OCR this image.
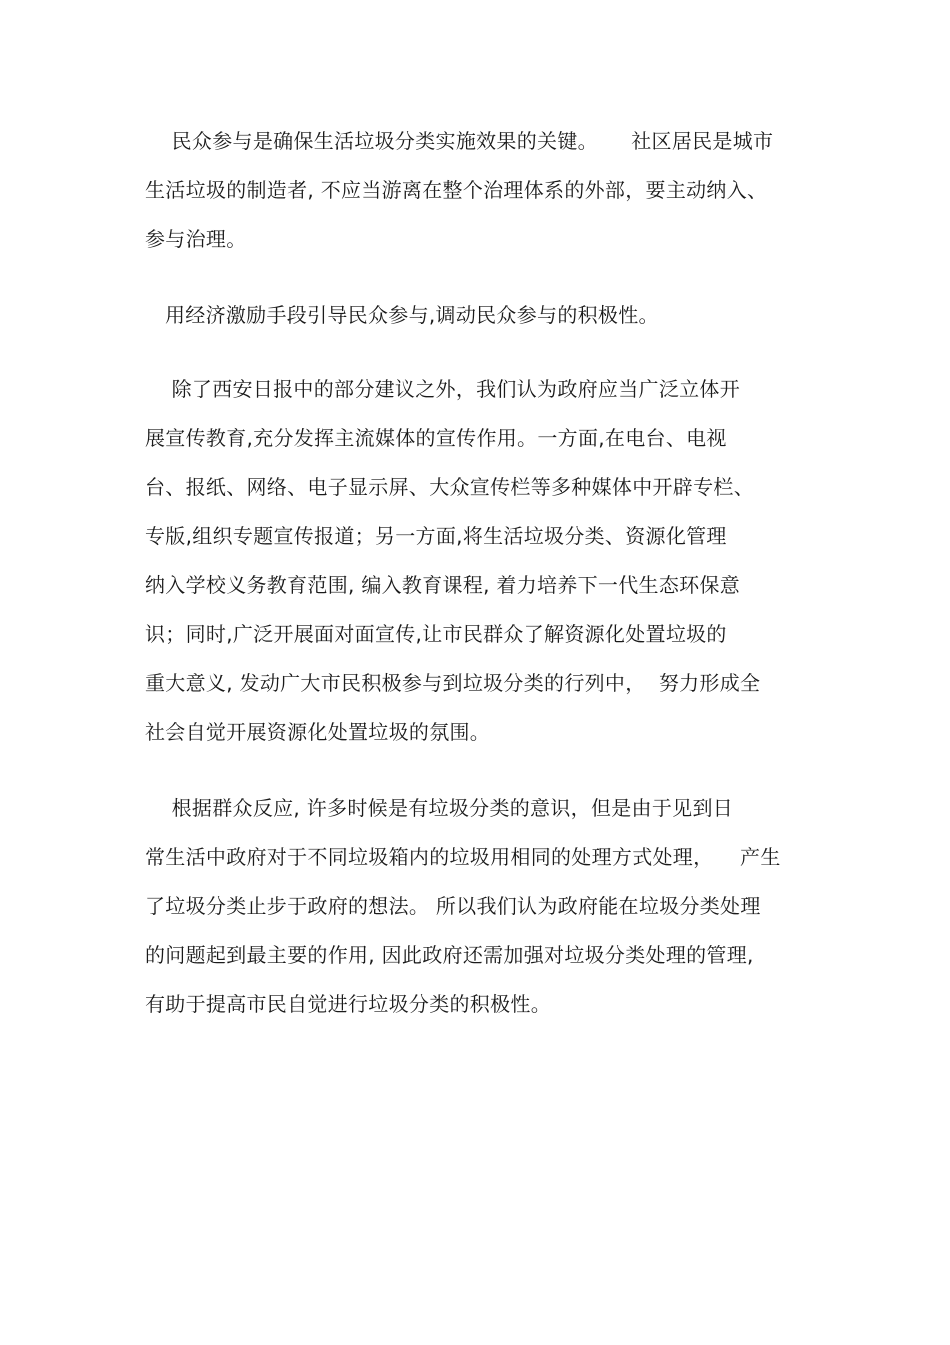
民众参与是确保生活垃圾分类实施效果的关键。     社区居民是城市
生活垃圾的制造者, 不应当游离在整个治理体系的外部，要主动纳入、
参与治理。
用经济激励手段引导民众参与,调动民众参与的积极性。
除了西安日报中的部分建议之外，我们认为政府应当广泛立体开
展宣传教育,充分发挥主流媒体的宣传作用。一方面,在电台、电视
台、报纸、网络、电子显示屏、大众宣传栏等多种媒体中开辟专栏、
专版,组织专题宣传报道；另一方面,将生活垃圾分类、资源化管理
纳入学校义务教育范围, 编入教育课程, 着力培养下一代生态环保意
识；同时,广泛开展面对面宣传,让市民群众了解资源化处置垃圾的
重大意义, 发动广大市民积极参与到垃圾分类的行列中，  努力形成全
社会自觉开展资源化处置垃圾的氛围。
根据群众反应, 许多时候是有垃圾分类的意识，但是由于见到日
常生活中政府对于不同垃圾箱内的垃圾用相同的处理方式处理，    产生
了垃圾分类止步于政府的想法。 所以我们认为政府能在垃圾分类处理
的问题起到最主要的作用, 因此政府还需加强对垃圾分类处理的管理,
有助于提高市民自觉进行垃圾分类的积极性。
